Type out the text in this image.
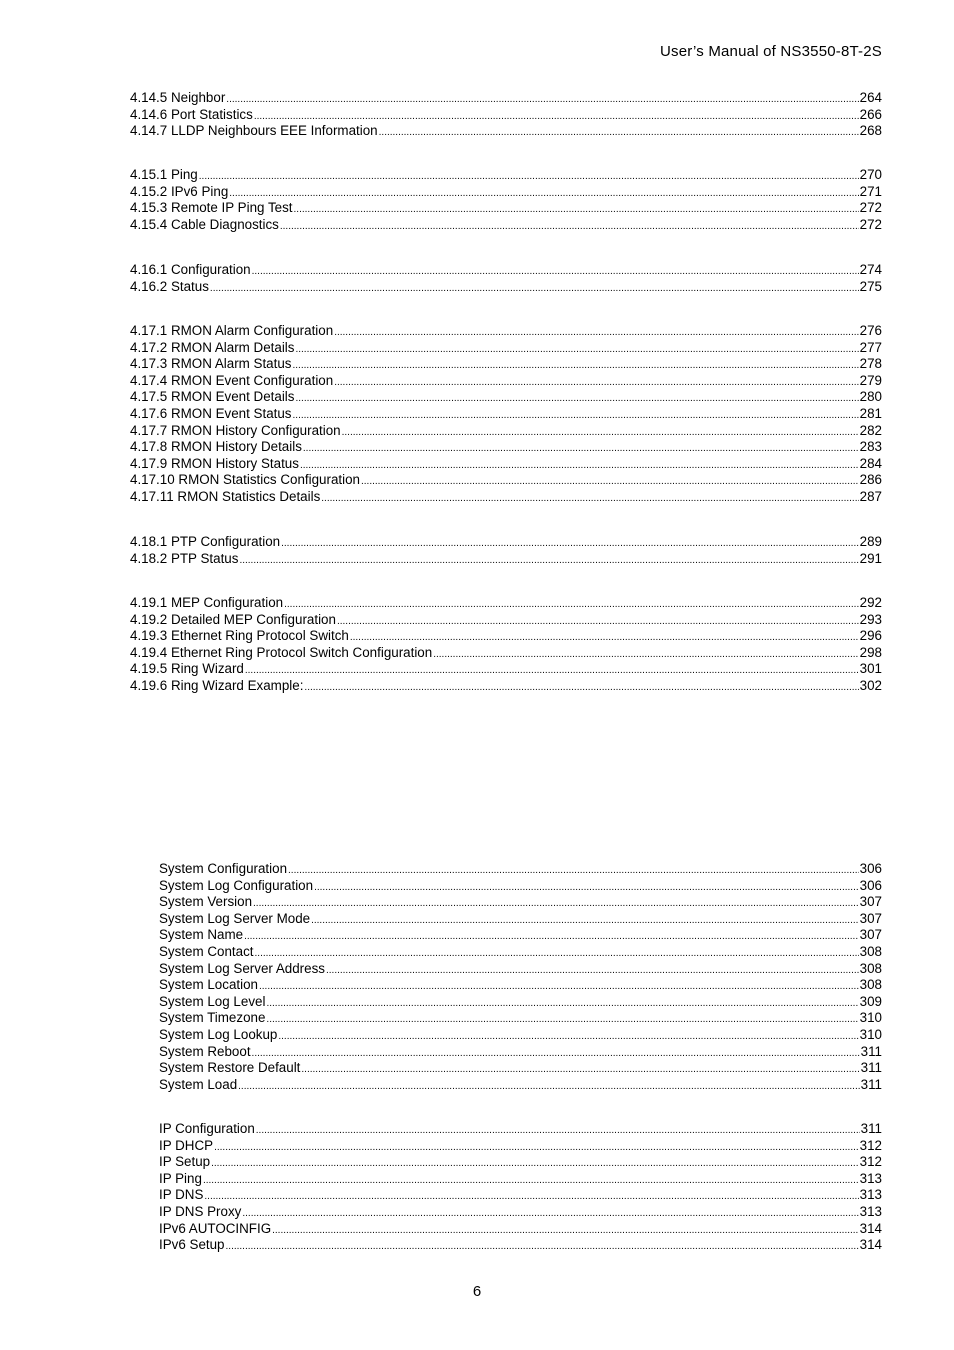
User’s Manual of NS3550-8T-2S
4.14.5 Neighbor .....	264
4.14.6 Port Statistics .....	266
4.14.7 LLDP Neighbours EEE Information .....	268
4.15.1 Ping .....	270
4.15.2 IPv6 Ping .....	271
4.15.3 Remote IP Ping Test .....	272
4.15.4 Cable Diagnostics .....	272
4.16.1 Configuration .....	274
4.16.2 Status .....	275
4.17.1 RMON Alarm Configuration .....	276
4.17.2 RMON Alarm Details .....	277
4.17.3 RMON Alarm Status .....	278
4.17.4 RMON Event Configuration .....	279
4.17.5 RMON Event Details .....	280
4.17.6 RMON Event Status .....	281
4.17.7 RMON History Configuration .....	282
4.17.8 RMON History Details .....	283
4.17.9 RMON History Status .....	284
4.17.10 RMON Statistics Configuration .....	286
4.17.11 RMON Statistics Details .....	287
4.18.1 PTP Configuration .....	289
4.18.2 PTP Status .....	291
4.19.1 MEP Configuration .....	292
4.19.2 Detailed MEP Configuration .....	293
4.19.3 Ethernet Ring Protocol Switch .....	296
4.19.4 Ethernet Ring Protocol Switch Configuration .....	298
4.19.5 Ring Wizard .....	301
4.19.6 Ring Wizard Example: .....	302
System Configuration .....	306
System Log Configuration .....	306
System Version .....	307
System Log Server Mode .....	307
System Name .....	307
System Contact .....	308
System Log Server Address .....	308
System Location .....	308
System Log Level .....	309
System Timezone .....	310
System Log Lookup .....	310
System Reboot .....	311
System Restore Default .....	311
System Load .....	311
IP Configuration .....	311
IP DHCP .....	312
IP Setup .....	312
IP Ping .....	313
IP DNS .....	313
IP DNS Proxy .....	313
IPv6 AUTOCINFIG .....	314
IPv6 Setup .....	314
6
